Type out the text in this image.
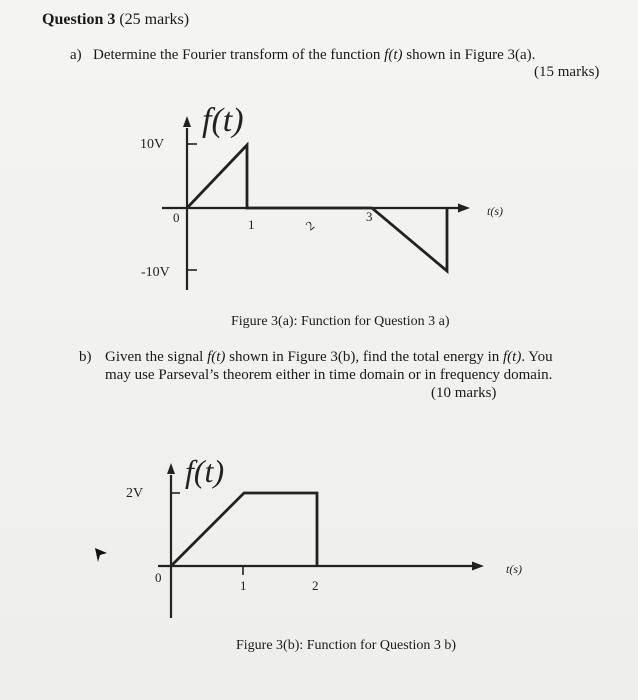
Question 3 (25 marks)
a) Determine the Fourier transform of the function f(t) shown in Figure 3(a).
(15 marks)
f(t)
10V
-10V
0	1	2
3	t(s)
Figure 3(a): Function for Question 3 a)
b) Given the signal f(t) shown in Figure 3(b), find the total energy in f(t). You
may use Parseval’s theorem either in time domain or in frequency domain.
(10 marks)
f(t)
2V
0
1	2
t(s)
Figure 3(b): Function for Question 3 b)
